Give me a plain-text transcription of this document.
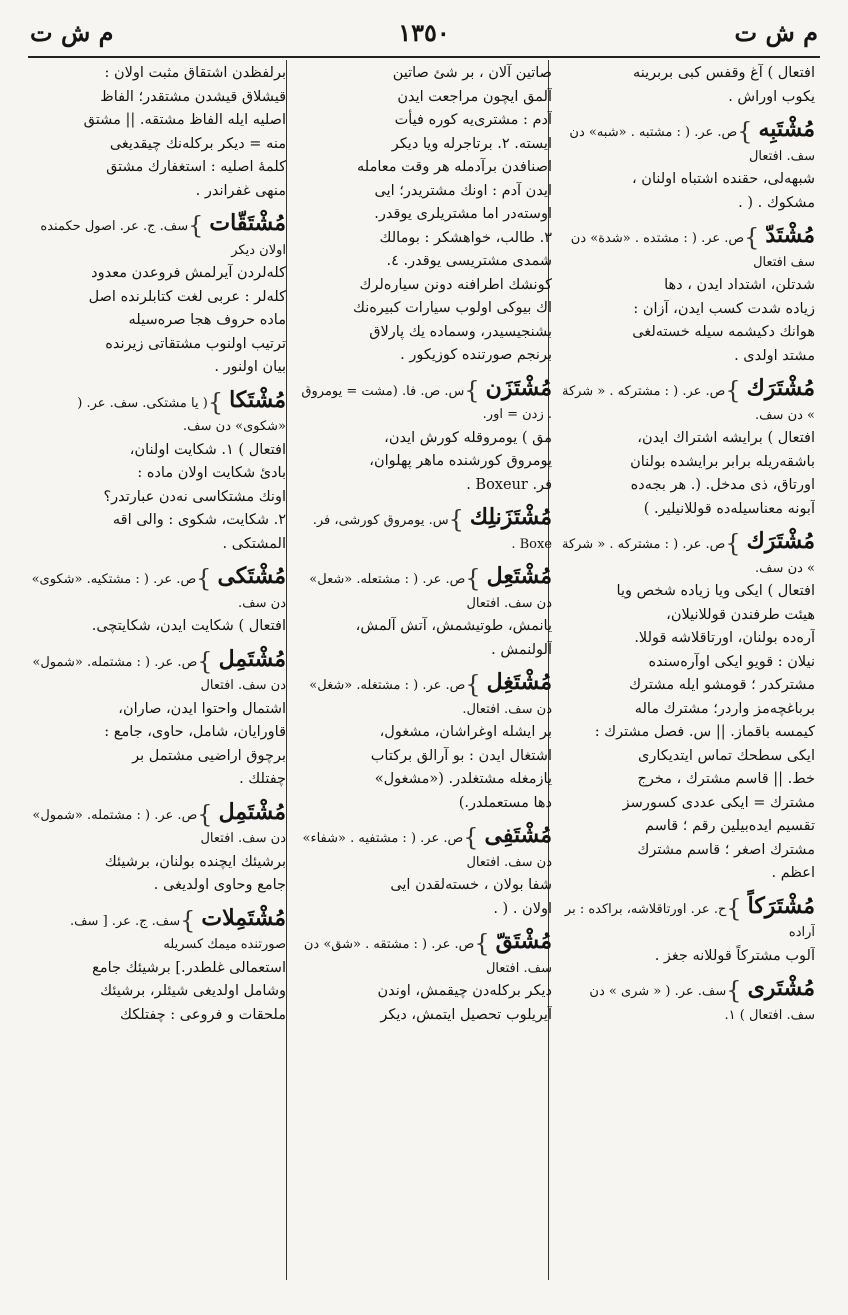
م ش ت
١٣٥٠
م ش ت
افتعال ) آغ وقفس كبى بربرينه
يكوب اوراش .
مُشْتَبِه}ص. عر. ( : مشتبه . «شبه» دن سف. افتعال
شبهه‌لى، حقنده اشتباه اولنان ،
مشكوك . ( .
مُشْتَدّ}ص. عر. ( : مشتده . «شدة» دن سف افتعال
شدتلن، اشتداد ايدن ، دها
زياده شدت كسب ايدن، آزان :
هوانك دكيشمه سيله خسته‌لغى
مشتد اولدى .
مُشْتَرَك}ص. عر. ( : مشتركه . « شركة » دن سف.
افتعال ) برايشه اشتراك ايدن،
باشقه‌ريله برابر برايشده بولنان
اورتاق، ذى مدخل. (. هر بجه‌ده
آبونه معناسيله‌ده قوللانيلير. )
مُشْتَرَك}ص. عر. ( : مشتركه . « شركة » دن سف.
افتعال ) ايكى ويا زياده شخص ويا
هيئت طرفندن قوللانيلان،
آره‌ده بولنان، اورتاقلاشه قوللا.
نيلان : قويو ايكى اوآره‌سنده
مشتركدر ؛ قومشو ايله مشترك
برباغچه‌مز واردر؛ مشترك ماله
كيمسه باقماز. || س. فصل مشترك :
ايكى سطحك تماس ايتديكارى
خط. || قاسم مشترك ، مخرج
مشترك = ايكى عددى كسورسز
تقسيم ايده‌بيلين رقم ؛ قاسم
مشترك اصغر ؛ قاسم مشترك
اعظم .
مُشْتَرَكاً}ح. عر. اورتاقلاشه، براكده : بر آراده
آلوب مشتركاً قوللانه جغز .
مُشْتَرى}سف. عر. ( « شرى » دن سف. افتعال ) ١.
صاتين آلان ، بر شئ صاتين
آلمق ايچون مراجعت ايدن
آدم : مشترى‌يه كوره فيأت
ايسته. ٢. برتاجرله ويا ديكر
اصنافدن برآدمله هر وقت معامله
ايدن آدم : اونك مشتريدر؛ ايى
اوسته‌در اما مشتريلرى يوقدر.
٣. طالب، خواهشكر : بومالك
شمدى مشتريسى يوقدر. ٤.
كونشك اطرافنه دونن سياره‌لرك
اك بيوكى اولوب سيارات كبيره‌نك
بشنجيسيدر، وسماده يك پارلاق
برنجم صورتنده كوزيكور .
مُشْتَزَن}س. ص. فا. (مشت = يومروق . زدن = اور.
مق ) يومروقله كورش ايدن،
يومروق كورشنده ماهر پهلوان،
فر. Boxeur .
مُشْتَزَنلِك}س. يومروق كورشى، فر. Boxe .
مُشْتَعِل}ص. عر. ( : مشتعله. «شعل» دن سف. افتعال
يانمش، طوتيشمش، آتش آلمش،
آلولنمش .
مُشْتَغِل}ص. عر. ( : مشتغله. «شغل» دن سف. افتعال.
بر ايشله اوغراشان، مشغول،
اشتغال ايدن : بو آرالق بركتاب
يازمغله مشتغلدر. («مشغول»
دها مستعملدر.)
مُشْتَفِى}ص. عر. ( : مشتفيه . «شفاء» دن سف. افتعال
شفا بولان ، خسته‌لقدن ايى
اولان . ( .
مُشْتَقّ}ص. عر. ( : مشتقه . «شق» دن سف. افتعال
ديكر بركله‌دن چيقمش، اوندن
آيريلوب تحصيل ايتمش، ديكر
برلفظدن اشتقاق مثبت اولان :
قيشلاق قيشدن مشتقدر؛ الفاظ
اصليه ايله الفاظ مشتقه. || مشتق
منه = ديكر بركله‌نك چيقديغى
كلمهٔ اصليه : استغفارك مشتق
منهى غفراندر .
مُشْتَقّات}سف. ج. عر. اصول حكمنده اولان ديكر
كله‌لردن آيرلمش فروعدن معدود
كله‌لر : عربى لغت كتابلرنده اصل
ماده حروف هجا صره‌سيله
ترتيب اولنوب مشتقاتى زيرنده
بيان اولنور .
مُشْتَكا}( يا مشتكى. سف. عر. ( «شكوى» دن سف.
افتعال ) ١. شكايت اولنان،
بادئ شكايت اولان ماده :
اونك مشتكاسى نه‌دن عبارتدر؟
٢. شكايت، شكوى : والى اقه
المشتكى .
مُشْتَكى}ص. عر. ( : مشتكيه. «شكوى» دن سف.
افتعال ) شكايت ايدن، شكايتچى.
مُشْتَمِل}ص. عر. ( : مشتمله. «شمول» دن سف. افتعال
اشتمال واحتوا ايدن، صاران،
قاورايان، شامل، حاوى، جامع :
برچوق اراضيى مشتمل بر
چفتلك .
مُشْتَمِل}ص. عر. ( : مشتمله. «شمول» دن سف. افتعال
برشيئك ايچنده بولنان، برشيئك
جامع وحاوى اولديغى .
مُشْتَمِلات}سف. ج. عر. [ سف. صورتنده ميمك كسريله
استعمالى غلطدر.] برشيئك جامع
وشامل اولديغى شيئلر، برشيئك
ملحقات و فروعى : چفتلكك
